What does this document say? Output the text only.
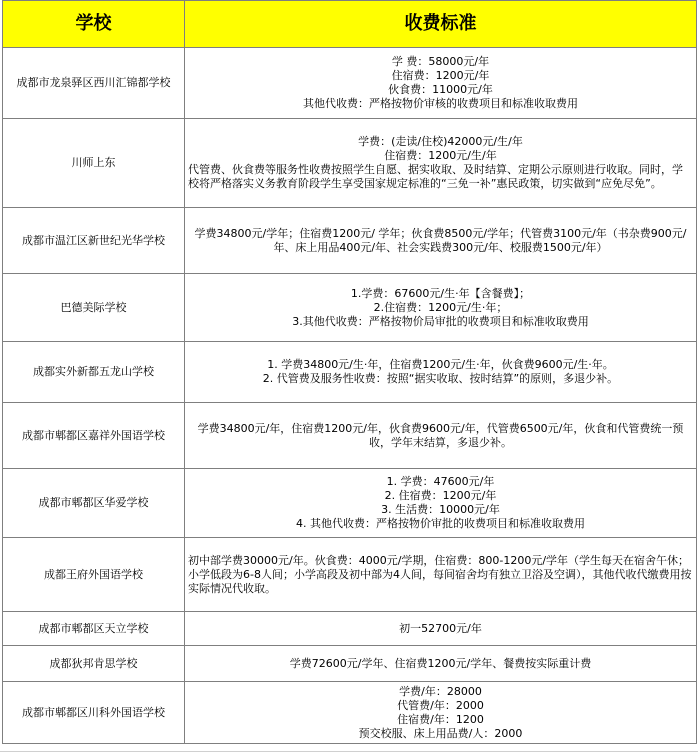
学校	收费标准
成都市龙泉驿区西川汇锦都学校	学 费：58000元/年
住宿费：1200元/年
伙食费：11000元/年
其他代收费：严格按物价审核的收费项目和标准收取费用

川师上东	学费：(走读/住校)42000元/生/年
住宿费：1200元/生/年
代管费、伙食费等服务性收费按照学生自愿、据实收取、及时结算、定期公示原则进行收取。同时，学校将严格落实义务教育阶段学生享受国家规定标准的“三免一补”惠民政策，切实做到“应免尽免”。

成都市温江区新世纪光华学校	学费34800元/学年；住宿费1200元/ 学年；伙食费8500元/学年；代管费3100元/年（书杂费900元/年、床上用品400元/年、社会实践费300元/年、校服费1500元/年）

巴德美际学校	1.学费：67600元/生·年【含餐费】；
2.住宿费：1200元/生·年；
3.其他代收费：严格按物价局审批的收费项目和标准收取费用

成都实外新都五龙山学校	1. 学费34800元/生·年，住宿费1200元/生·年，伙食费9600元/生·年。
2. 代管费及服务性收费：按照“据实收取、按时结算”的原则，多退少补。

成都市郫都区嘉祥外国语学校	学费34800元/年，住宿费1200元/年，伙食费9600元/年，代管费6500元/年，伙食和代管费统一预收，学年末结算，多退少补。

成都市郫都区华爱学校	1. 学费：47600元/年
2. 住宿费：1200元/年
3. 生活费：10000元/年
4. 其他代收费：严格按物价审批的收费项目和标准收取费用

成都王府外国语学校	初中部学费30000元/年。伙食费：4000元/学期，住宿费：800-1200元/学年（学生每天在宿舍午休；小学低段为6-8人间；小学高段及初中部为4人间，每间宿舍均有独立卫浴及空调），其他代收代缴费用按实际情况代收取。

成都市郫都区天立学校	初一52700元/年

成都狄邦肯思学校	学费72600元/学年、住宿费1200元/学年、餐费按实际重计费

成都市郫都区川科外国语学校	学费/年：28000
代管费/年：2000
住宿费/年：1200
预交校服、床上用品费/人：2000
